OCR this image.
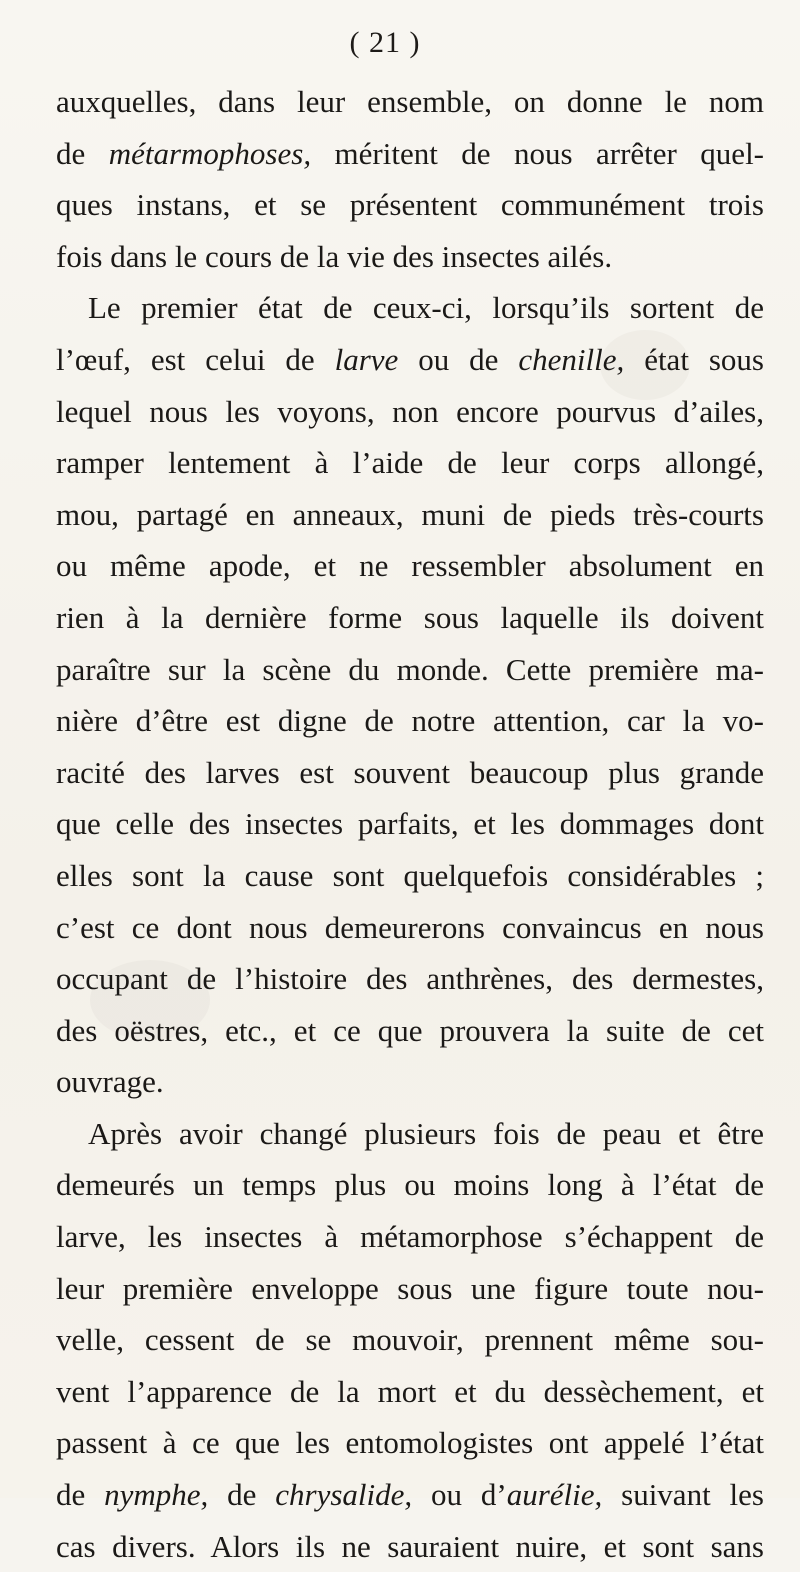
( 21 )
auxquelles, dans leur ensemble, on donne le nom
de métarmophoses, méritent de nous arrêter quel-
ques instans, et se présentent communément trois
fois dans le cours de la vie des insectes ailés.
Le premier état de ceux-ci, lorsqu’ils sortent de
l’œuf, est celui de larve ou de chenille, état sous
lequel nous les voyons, non encore pourvus d’ailes,
ramper lentement à l’aide de leur corps allongé,
mou, partagé en anneaux, muni de pieds très-courts
ou même apode, et ne ressembler absolument en
rien à la dernière forme sous laquelle ils doivent
paraître sur la scène du monde. Cette première ma-
nière d’être est digne de notre attention, car la vo-
racité des larves est souvent beaucoup plus grande
que celle des insectes parfaits, et les dommages dont
elles sont la cause sont quelquefois considérables ;
c’est ce dont nous demeurerons convaincus en nous
occupant de l’histoire des anthrènes, des dermestes,
des oëstres, etc., et ce que prouvera la suite de cet
ouvrage.
Après avoir changé plusieurs fois de peau et être
demeurés un temps plus ou moins long à l’état de
larve, les insectes à métamorphose s’échappent de
leur première enveloppe sous une figure toute nou-
velle, cessent de se mouvoir, prennent même sou-
vent l’apparence de la mort et du dessèchement, et
passent à ce que les entomologistes ont appelé l’état
de nymphe, de chrysalide, ou d’aurélie, suivant les
cas divers. Alors ils ne sauraient nuire, et sont sans
